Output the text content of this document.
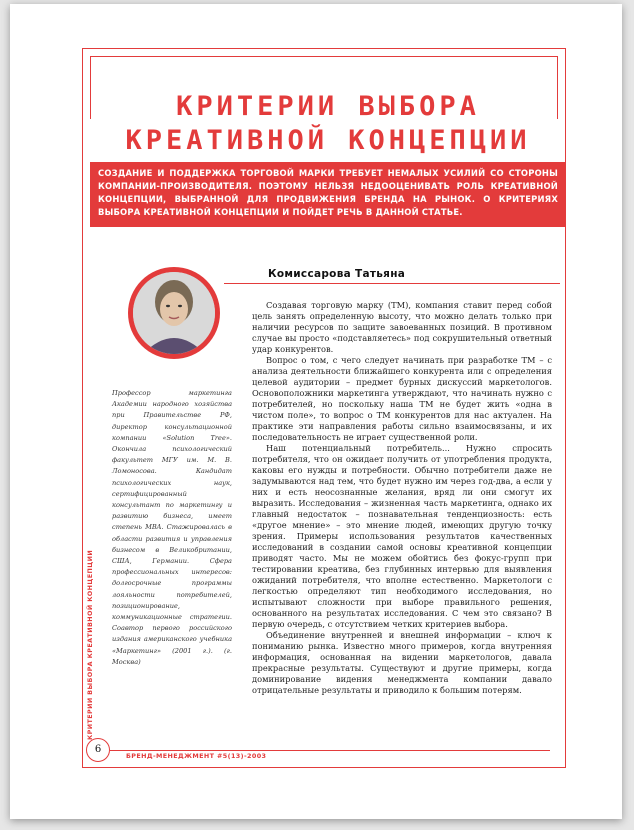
КРИТЕРИИ ВЫБОРА
КРЕАТИВНОЙ КОНЦЕПЦИИ
СОЗДАНИЕ И ПОДДЕРЖКА ТОРГОВОЙ МАРКИ ТРЕБУЕТ НЕМАЛЫХ УСИЛИЙ СО СТОРОНЫ КОМПАНИИ-ПРОИЗВОДИТЕЛЯ. ПОЭТОМУ НЕЛЬЗЯ НЕДООЦЕНИВАТЬ РОЛЬ КРЕАТИВНОЙ КОНЦЕПЦИИ, ВЫБРАННОЙ ДЛЯ ПРОДВИЖЕНИЯ БРЕНДА НА РЫНОК. О КРИТЕРИЯХ ВЫБОРА КРЕАТИВНОЙ КОНЦЕПЦИИ И ПОЙДЕТ РЕЧЬ В ДАННОЙ СТАТЬЕ.
Комиссарова Татьяна

Профессор маркетинга Академии народного хозяйства при Правительстве РФ, директор консультационной компании «Solution Tree». Окончила психологический факультет МГУ им. М. В. Ломоносова. Кандидат психологических наук, сертифицированный консультант по маркетингу и развитию бизнеса, имеет степень MBA. Стажировалась в области развития и управления бизнесом в Великобритании, США, Германии. Сфера профессиональных интересов: долгосрочные программы лояльности потребителей, позиционирование, коммуникационные стратегии. Соавтор первого российского издания американского учебника «Маркетинг» (2001 г.). (г. Москва)

Создавая торговую марку (ТМ), компания ставит перед собой цель занять определенную высоту, что можно делать только при наличии ресурсов по защите завоеванных позиций. В противном случае вы просто «подставляетесь» под сокрушительный ответный удар конкурентов.

Вопрос о том, с чего следует начинать при разработке ТМ – с анализа деятельности ближайшего конкурента или с определения целевой аудитории – предмет бурных дискуссий маркетологов. Основоположники маркетинга утверждают, что начинать нужно с потребителей, но поскольку наша ТМ не будет жить «одна в чистом поле», то вопрос о ТМ конкурентов для нас актуален. На практике эти направления работы сильно взаимосвязаны, и их последовательность не играет существенной роли.

Наш потенциальный потребитель... Нужно спросить потребителя, что он ожидает получить от употребления продукта, каковы его нужды и потребности. Обычно потребители даже не задумываются над тем, что будет нужно им через год-два, а если у них и есть неосознанные желания, вряд ли они смогут их выразить. Исследования – жизненная часть маркетинга, однако их главный недостаток – познавательная тенденциозность: есть «другое мнение» – это мнение людей, имеющих другую точку зрения. Примеры использования результатов качественных исследований в создании самой основы креативной концепции приводят часто. Мы не можем обойтись без фокус-групп при тестировании креатива, без глубинных интервью для выявления ожиданий потребителя, что вполне естественно. Маркетологи с легкостью определяют тип необходимого исследования, но испытывают сложности при выборе правильного решения, основанного на результатах исследования. С чем это связано? В первую очередь, с отсутствием четких критериев выбора.

Объединение внутренней и внешней информации – ключ к пониманию рынка. Известно много примеров, когда внутренняя информация, основанная на видении маркетологов, давала прекрасные результаты. Существуют и другие примеры, когда доминирование видения менеджмента компании давало отрицательные результаты и приводило к большим потерям.

КРИТЕРИИ ВЫБОРА КРЕАТИВНОЙ КОНЦЕПЦИИ
6
БРЕНД-МЕНЕДЖМЕНТ #5(13)-2003
